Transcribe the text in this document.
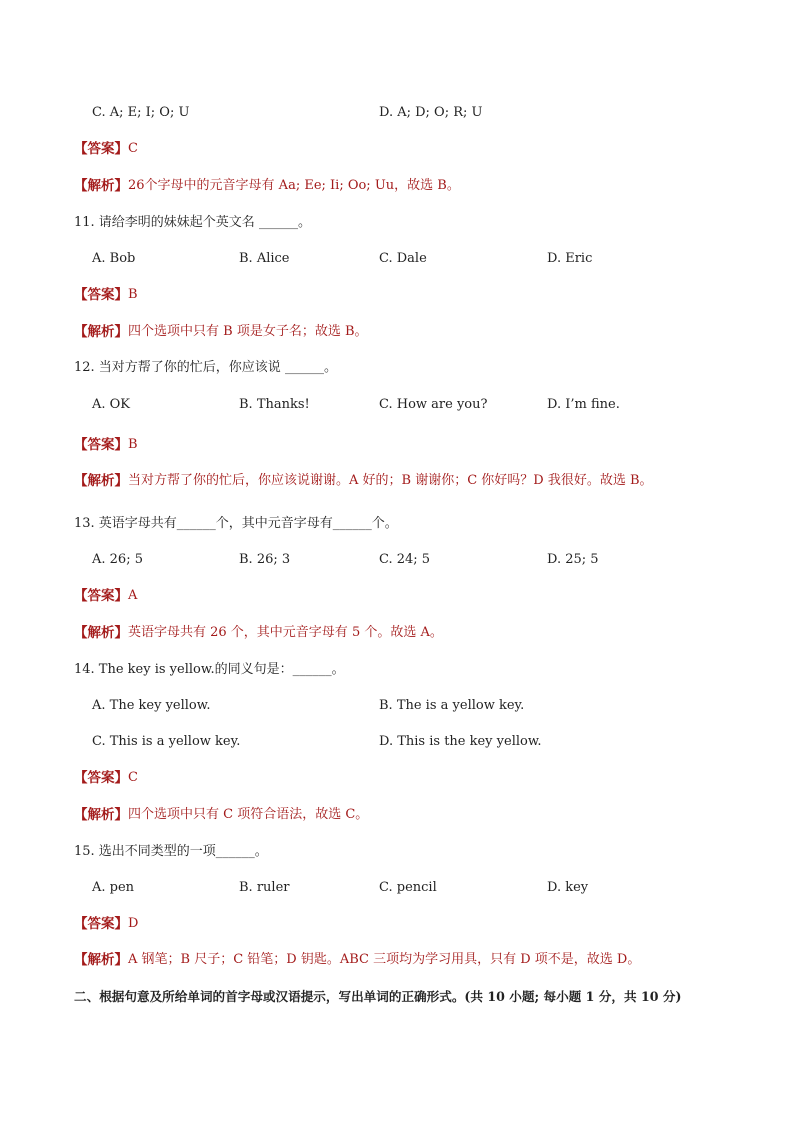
C. A; E; I; O; U	D. A; D; O; R; U
【答案】 C
【解析】 26个字母中的元音字母有 Aa; Ee; Ii; Oo; Uu，故选 B。
11. 请给李明的妹妹起个英文名 ______。
A. Bob	B. Alice	C. Dale	D. Eric
【答案】 B
【解析】 四个选项中只有 B 项是女子名；故选 B。
12. 当对方帮了你的忙后，你应该说 ______。
A. OK	B. Thanks!	C. How are you?	D. I’m fine.
【答案】 B
【解析】 当对方帮了你的忙后，你应该说谢谢。A 好的；B 谢谢你；C 你好吗？D 我很好。故选 B。
13. 英语字母共有______个，其中元音字母有______个。
A. 26; 5	B. 26; 3	C. 24; 5	D. 25; 5
【答案】 A
【解析】 英语字母共有 26 个，其中元音字母有 5 个。故选 A。
14. The key is yellow.的同义句是：______。
A. The key yellow.	B. The is a yellow key.
C. This is a yellow key.	D. This is the key yellow.
【答案】 C
【解析】 四个选项中只有 C 项符合语法，故选 C。
15. 选出不同类型的一项______。
A. pen	B. ruler	C. pencil	D. key
【答案】 D
【解析】 A 钢笔；B 尺子；C 铅笔；D 钥匙。ABC 三项均为学习用具，只有 D 项不是，故选 D。
二、根据句意及所给单词的首字母或汉语提示，写出单词的正确形式。(共 10 小题; 每小题 1 分，共 10 分)
